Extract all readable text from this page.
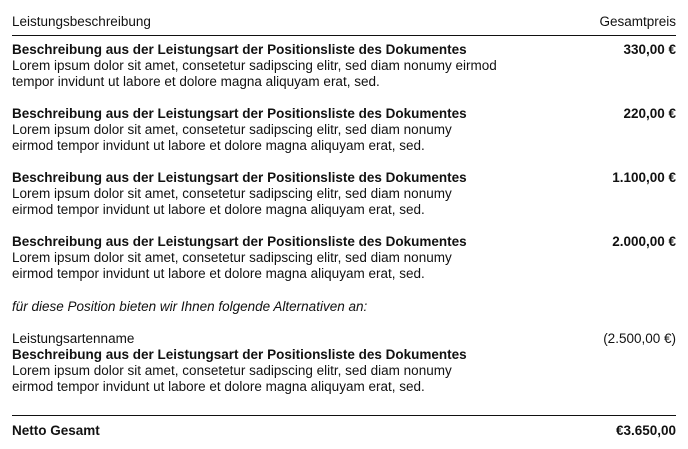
Leistungsbeschreibung	Gesamtpreis
Beschreibung aus der Leistungsart der Positionsliste des Dokumentes
Lorem ipsum dolor sit amet, consetetur sadipscing elitr, sed diam nonumy eirmod
tempor invidunt ut labore et dolore magna aliquyam erat, sed.
330,00 €
Beschreibung aus der Leistungsart der Positionsliste des Dokumentes
Lorem ipsum dolor sit amet, consetetur sadipscing elitr, sed diam nonumy
eirmod tempor invidunt ut labore et dolore magna aliquyam erat, sed.
220,00 €
Beschreibung aus der Leistungsart der Positionsliste des Dokumentes
Lorem ipsum dolor sit amet, consetetur sadipscing elitr, sed diam nonumy
eirmod tempor invidunt ut labore et dolore magna aliquyam erat, sed.
1.100,00 €
Beschreibung aus der Leistungsart der Positionsliste des Dokumentes
Lorem ipsum dolor sit amet, consetetur sadipscing elitr, sed diam nonumy
eirmod tempor invidunt ut labore et dolore magna aliquyam erat, sed.
2.000,00 €
für diese Position bieten wir Ihnen folgende Alternativen an:
Leistungsartenname
Beschreibung aus der Leistungsart der Positionsliste des Dokumentes
Lorem ipsum dolor sit amet, consetetur sadipscing elitr, sed diam nonumy
eirmod tempor invidunt ut labore et dolore magna aliquyam erat, sed.
(2.500,00 €)
Netto Gesamt	€3.650,00
